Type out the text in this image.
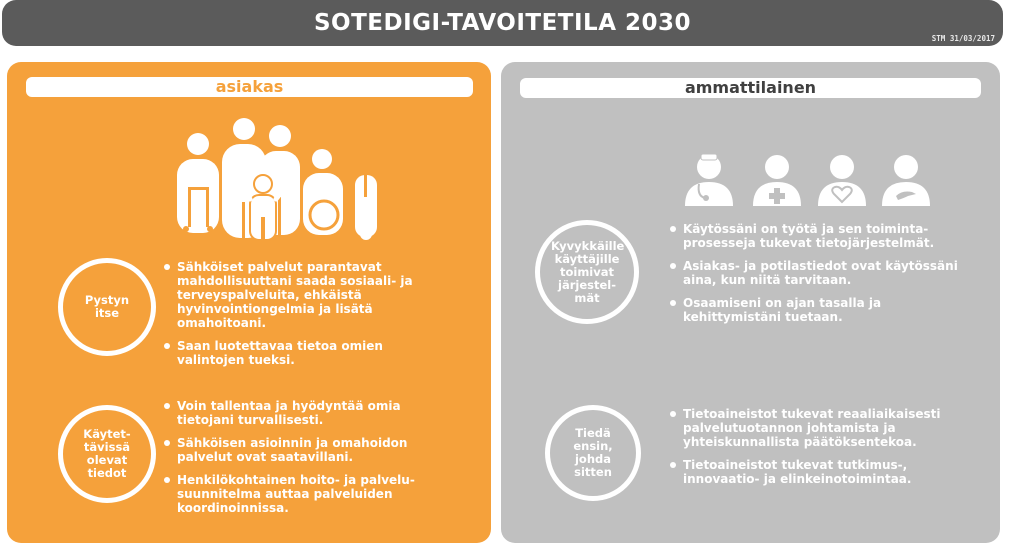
SOTEDIGI-TAVOITETILA 2030
STM 31/03/2017
asiakas
Pystyn itse
Sähköiset palvelut parantavat mahdollisuuttani saada sosiaali- ja terveyspalveluita, ehkäistä hyvinvointiongelmia ja lisätä omahoitoani.
Saan luotettavaa tietoa omien valintojen tueksi.
Käytet-tävissä olevat tiedot
Voin tallentaa ja hyödyntää omia tietojani turvallisesti.
Sähköisen asioinnin ja omahoidon palvelut ovat saatavillani.
Henkilökohtainen hoito- ja palvelu-suunnitelma auttaa palveluiden koordinoinnissa.
ammattilainen
Kyvykkäille käyttäjille toimivat järjestel-mät
Käytössäni on työtä ja sen toiminta-prosesseja tukevat tietojärjestelmät.
Asiakas- ja potilastiedot ovat käytössäni aina, kun niitä tarvitaan.
Osaamiseni on ajan tasalla ja kehittymistäni tuetaan.
Tiedä ensin, johda sitten
Tietoaineistot tukevat reaaliaikaisesti palvelutuotannon johtamista ja yhteiskunnallista päätöksentekoa.
Tietoaineistot tukevat tutkimus-, innovaatio- ja elinkeinotoimintaa.
